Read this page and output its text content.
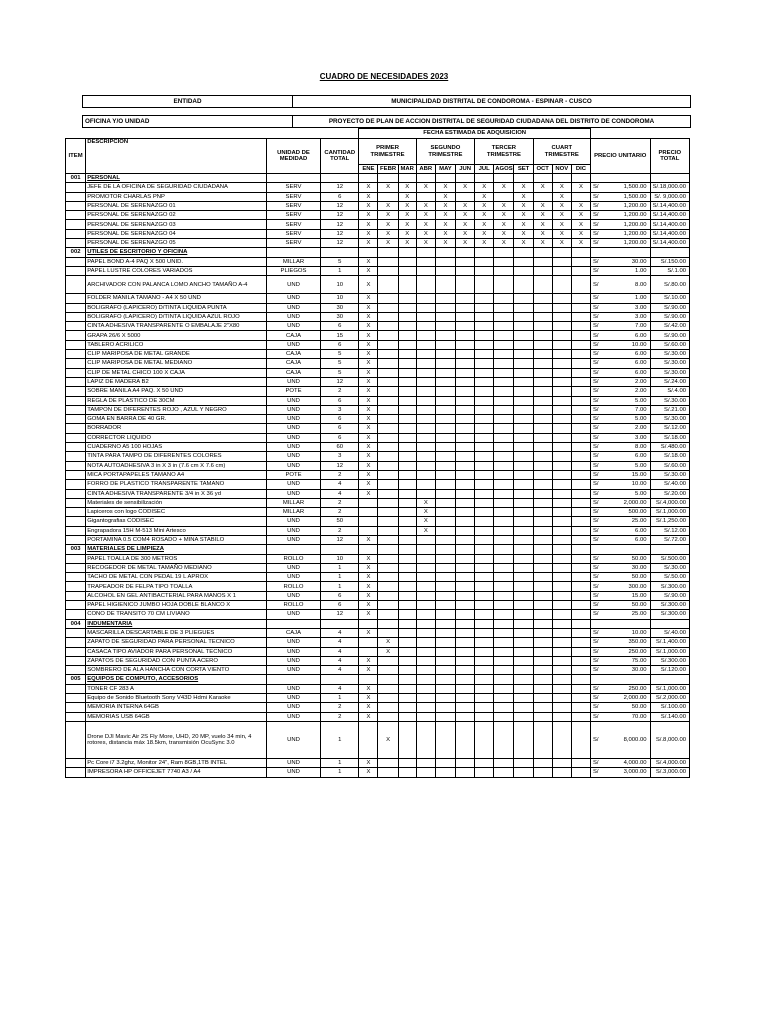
CUADRO DE NECESIDADES 2023
ENTIDAD	MUNICIPALIDAD DISTRITAL DE CONDOROMA - ESPINAR - CUSCO

OFICINA Y/O UNIDAD	PROYECTO DE PLAN DE ACCION DISTRITAL DE SEGURIDAD CIUDADANA DEL DISTRITO DE CONDOROMA
				FECHA ESTIMADA DE ADQUISICION													
ITEM	DESCRIPCIÓN	UNIDAD DE MEDIDAD	CANTIDAD TOTAL	PRIMER TRIMESTRE			SEGUNDO TRIMESTRE			TERCER TRIMESTRE			CUART TRIMESTRE			PRECIO UNITARIO	PRECIO TOTAL
				ENE	FEBR	MAR	ABR	MAY	JUN	JUL	AGOS	SET	OCT	NOV	DIC		
001	PERSONAL																
	JEFE DE LA OFICINA DE SEGURIDAD CIUDADANA	SERV	12	X	X	X	X	X	X	X	X	X	X	X	X	S/ 1,500.00	S/.18,000.00
	PROMOTOR CHARLAS PNP	SERV	6	X		X		X		X		X		X		S/ 1,500.00	S/. 9,000.00
	PERSONAL DE SERENAZGO 01	SERV	12	X	X	X	X	X	X	X	X	X	X	X	X	S/ 1,200.00	S/.14,400.00
	PERSONAL DE SERENAZGO 02	SERV	12	X	X	X	X	X	X	X	X	X	X	X	X	S/ 1,200.00	S/.14,400.00
	PERSONAL DE SERENAZGO 03	SERV	12	X	X	X	X	X	X	X	X	X	X	X	X	S/ 1,200.00	S/.14,400.00
	PERSONAL DE SERENAZGO 04	SERV	12	X	X	X	X	X	X	X	X	X	X	X	X	S/ 1,200.00	S/.14,400.00
	PERSONAL DE SERENAZGO 05	SERV	12	X	X	X	X	X	X	X	X	X	X	X	X	S/ 1,200.00	S/.14,400.00
002	UTILES DE ESCRITORIO Y OFICINA																
	PAPEL BOND A-4 PAQ X 500 UNID.	MILLAR	5	X												S/ 30.00	S/.150.00
	PAPEL LUSTRE COLORES VARIADOS	PLIEGOS	1	X												S/ 1.00	S/.1.00
	ARCHIVADOR CON PALANCA LOMO ANCHO TAMAÑO A-4	UND	10	X												S/ 8.00	S/.80.00
	FOLDER MANILA TAMANO - A4 X 50 UND	UND	10	X												S/ 1.00	S/.10.00
	BOLIGRAFO (LAPICERO) D/TINTA LIQUIDA PUNTA	UND	30	X												S/ 3.00	S/.90.00
	BOLIGRAFO (LAPICERO) D/TINTA LIQUIDA AZUL ROJO	UND	30	X												S/ 3.00	S/.90.00
	CINTA ADHESIVA TRANSPARENTE O EMBALAJE 2"X80	UND	6	X												S/ 7.00	S/.42.00
	GRAPA 26/6 X 5000	CAJA	15	X												S/ 6.00	S/.90.00
	TABLERO ACRILICO	UND	6	X												S/ 10.00	S/.60.00
	CLIP MARIPOSA DE METAL GRANDE	CAJA	5	X												S/ 6.00	S/.30.00
	CLIP MARIPOSA DE METAL MEDIANO	CAJA	5	X												S/ 6.00	S/.30.00
	CLIP DE METAL CHICO 100 X CAJA	CAJA	5	X												S/ 6.00	S/.30.00
	LAPIZ DE MADERA B2	UND	12	X												S/ 2.00	S/.24.00
	SOBRE MANILA A4 PAQ. X 50 UND	POTE	2	X												S/ 2.00	S/.4.00
	REGLA DE PLASTICO DE 30CM	UND	6	X												S/ 5.00	S/.30.00
	TAMPON DE DIFERENTES ROJO , AZUL Y NEGRO	UND	3	X												S/ 7.00	S/.21.00
	GOMA EN BARRA DE 40 GR.	UND	6	X												S/ 5.00	S/.30.00
	BORRADOR	UND	6	X												S/ 2.00	S/.12.00
	CORRECTOR LIQUIDO	UND	6	X												S/ 3.00	S/.18.00
	CUADERNO A5 100 HOJAS	UND	60	X												S/ 8.00	S/.480.00
	TINTA PARA TAMPO DE DIFERENTES COLORES	UND	3	X												S/ 6.00	S/.18.00
	NOTA AUTOADHESIVA 3 in X 3 in (7.6 cm X 7.6 cm)	UND	12	X												S/ 5.00	S/.60.00
	MICA PORTAPAPELES TAMANO A4	POTE	2	X												S/ 15.00	S/.30.00
	FORRO DE PLASTICO TRANSPARENTE TAMANO	UND	4	X												S/ 10.00	S/.40.00
	CINTA ADHESIVA TRANSPARENTE 3/4 in X 36 yd	UND	4	X												S/ 5.00	S/.20.00
	Materiales de sensibilización	MILLAR	2				X									S/ 2,000.00	S/.4,000.00
	Lapiceros con logo CODISEC	MILLAR	2				X									S/ 500.00	S/.1,000.00
	Gigantografias CODISEC	UND	50				X									S/ 25.00	S/.1,250.00
	Engrapadora 15H M-513 Mini Artesco	UND	2				X									S/ 6.00	S/.12.00
	PORTAMINA 0.5 COM4 ROSADO + MINA STABILO	UND	12	X												S/ 6.00	S/.72.00
003	MATERIALES DE LIMPIEZA																
	PAPEL TOALLA DE 300 METROS	ROLLO	10	X												S/ 50.00	S/.500.00
	RECOGEDOR DE METAL TAMAÑO MEDIANO	UND	1	X												S/ 30.00	S/.30.00
	TACHO DE METAL CON PEDAL 19 L APROX	UND	1	X												S/ 50.00	S/.50.00
	TRAPEADOR DE FELPA TIPO TOALLA	ROLLO	1	X												S/ 300.00	S/.300.00
	ALCOHOL EN GEL ANTIBACTERIAL PARA MANOS X 1	UND	6	X												S/ 15.00	S/.90.00
	PAPEL HIGIENICO JUMBO HOJA DOBLE BLANCO X	ROLLO	6	X												S/ 50.00	S/.300.00
	CONO DE TRANSITO 70 CM LIVIANO	UND	12	X												S/ 25.00	S/.300.00
004	INDUMENTARIA																
	MASCARILLA DESCARTABLE DE 3 PLIEGUES	CAJA	4	X												S/ 10.00	S/.40.00
	ZAPATO DE SEGURIDAD PARA PERSONAL TECNICO	UND	4		X											S/ 350.00	S/.1,400.00
	CASACA TIPO AVIADOR PARA PERSONAL TECNICO	UND	4		X											S/ 250.00	S/.1,000.00
	ZAPATOS DE SEGURIDAD CON PUNTA ACERO	UND	4	X												S/ 75.00	S/.300.00
	SOMBRERO DE ALA HANCHA CON CORTA VIENTO	UND	4	X												S/ 30.00	S/.120.00
005	EQUIPOS DE COMPUTO, ACCESORIOS																
	TONER CF 283 A	UND	4	X												S/ 250.00	S/.1,000.00
	Equipo de Sonido Bluetooth Sony V43D Hdmi Karaoke	UND	1	X												S/ 2,000.00	S/.2,000.00
	MEMORIA INTERNA 64GB	UND	2	X												S/ 50.00	S/.100.00
	MEMORIAS USB 64GB	UND	2	X												S/ 70.00	S/.140.00
	Drone DJI Mavic Air 2S Fly More, UHD, 20 MP, vuelo 34 min, 4 rotores, distancia máx 18.5km, transmisión OcuSync 3.0	UND	1		X											S/ 8,000.00	S/.8,000.00
	Pc Core i7 3.2ghz, Monitor 24", Ram 8GB,1TB INTEL	UND	1	X												S/ 4,000.00	S/.4,000.00
	IMPRESORA HP OFFICEJET 7740 A3 / A4	UND	1	X												S/ 3,000.00	S/.3,000.00
